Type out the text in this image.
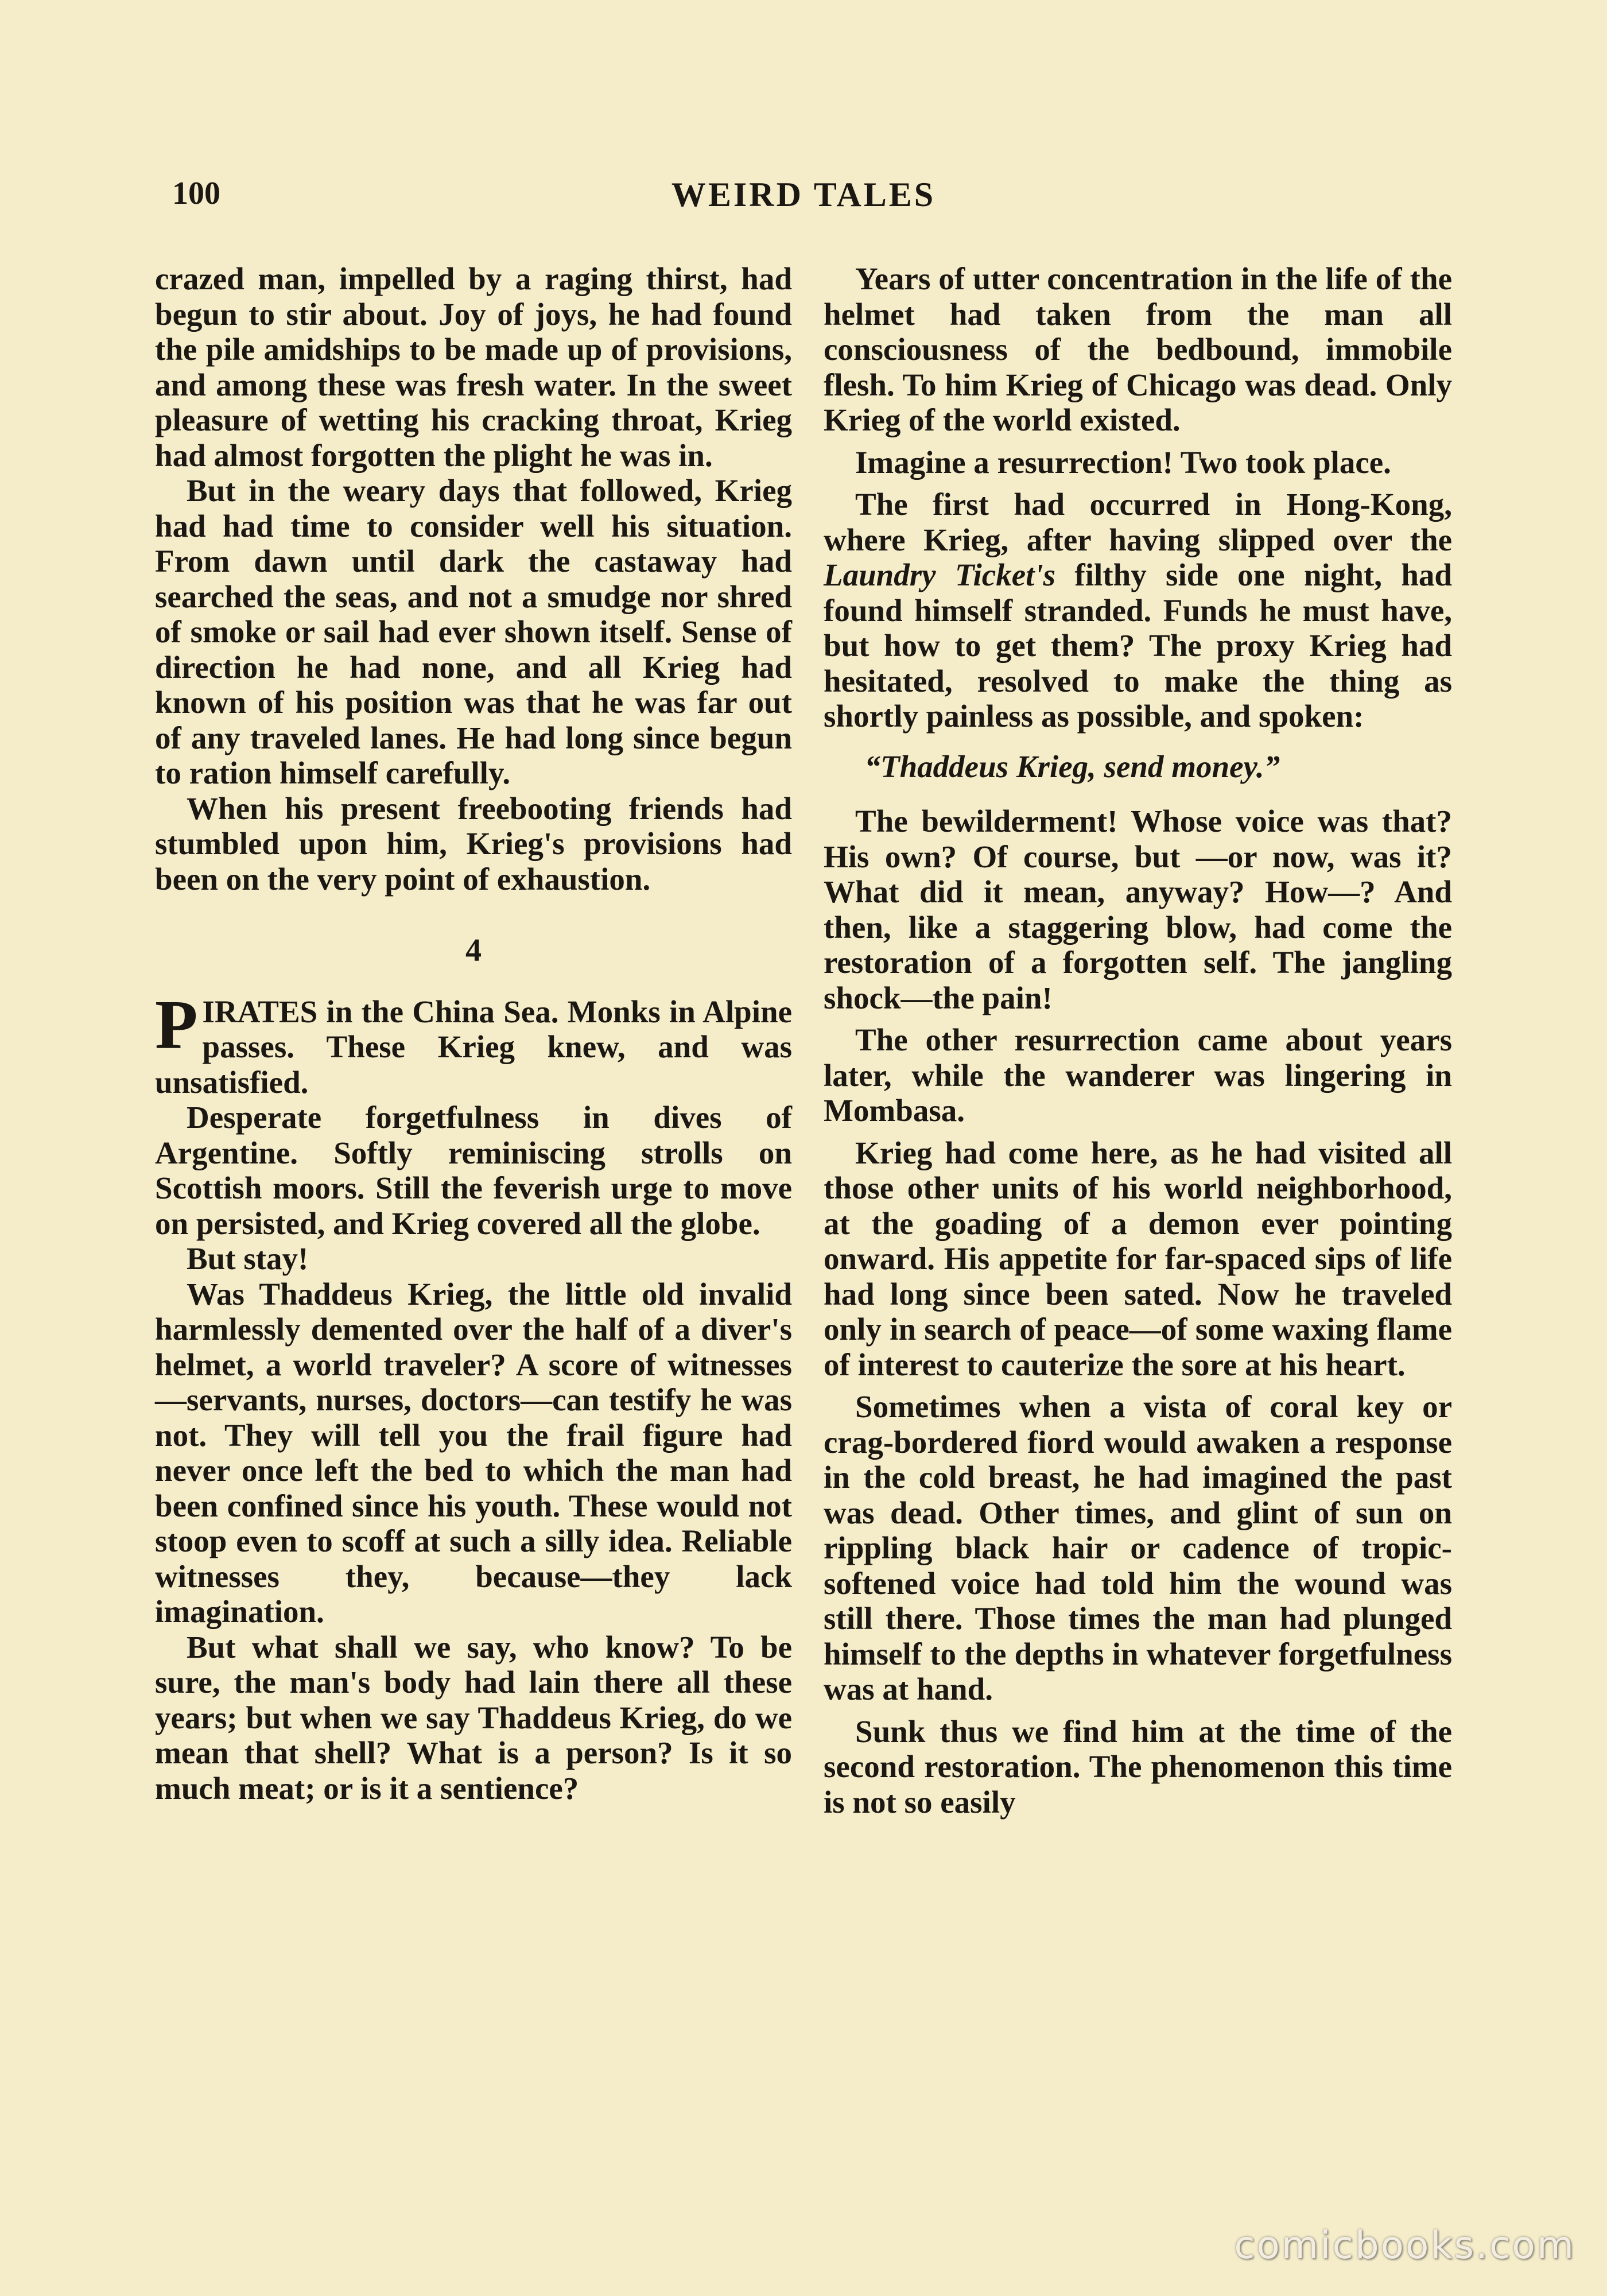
100	WEIRD TALES

crazed man, impelled by a raging thirst, had begun to stir about. Joy of joys, he had found the pile amidships to be made up of provisions, and among these was fresh water. In the sweet pleasure of wetting his cracking throat, Krieg had almost forgotten the plight he was in.

But in the weary days that followed, Krieg had had time to consider well his situation. From dawn until dark the castaway had searched the seas, and not a smudge nor shred of smoke or sail had ever shown itself. Sense of direction he had none, and all Krieg had known of his position was that he was far out of any traveled lanes. He had long since begun to ration himself carefully.

When his present freebooting friends had stumbled upon him, Krieg's provisions had been on the very point of exhaustion.

4

PIRATES in the China Sea. Monks in Alpine passes. These Krieg knew, and was unsatisfied.

Desperate forgetfulness in dives of Argentine. Softly reminiscing strolls on Scottish moors. Still the feverish urge to move on persisted, and Krieg covered all the globe.

But stay!

Was Thaddeus Krieg, the little old invalid harmlessly demented over the half of a diver's helmet, a world traveler? A score of witnesses—servants, nurses, doctors—can testify he was not. They will tell you the frail figure had never once left the bed to which the man had been confined since his youth. These would not stoop even to scoff at such a silly idea. Reliable witnesses they, because—they lack imagination.

But what shall we say, who know? To be sure, the man's body had lain there all these years; but when we say Thaddeus Krieg, do we mean that shell? What is a person? Is it so much meat; or is it a sentience?

Years of utter concentration in the life of the helmet had taken from the man all consciousness of the bedbound, immobile flesh. To him Krieg of Chicago was dead. Only Krieg of the world existed.

Imagine a resurrection! Two took place.

The first had occurred in Hong-Kong, where Krieg, after having slipped over the Laundry Ticket's filthy side one night, had found himself stranded. Funds he must have, but how to get them? The proxy Krieg had hesitated, resolved to make the thing as shortly painless as possible, and spoken:

“Thaddeus Krieg, send money.”

The bewilderment! Whose voice was that? His own? Of course, but —or now, was it? What did it mean, anyway? How—? And then, like a staggering blow, had come the restoration of a forgotten self. The jangling shock—the pain!

The other resurrection came about years later, while the wanderer was lingering in Mombasa.

Krieg had come here, as he had visited all those other units of his world neighborhood, at the goading of a demon ever pointing onward. His appetite for far-spaced sips of life had long since been sated. Now he traveled only in search of peace—of some waxing flame of interest to cauterize the sore at his heart.

Sometimes when a vista of coral key or crag-bordered fiord would awaken a response in the cold breast, he had imagined the past was dead. Other times, and glint of sun on rippling black hair or cadence of tropic-softened voice had told him the wound was still there. Those times the man had plunged himself to the depths in whatever forgetfulness was at hand.

Sunk thus we find him at the time of the second restoration. The phenomenon this time is not so easily

comicbooks.com
